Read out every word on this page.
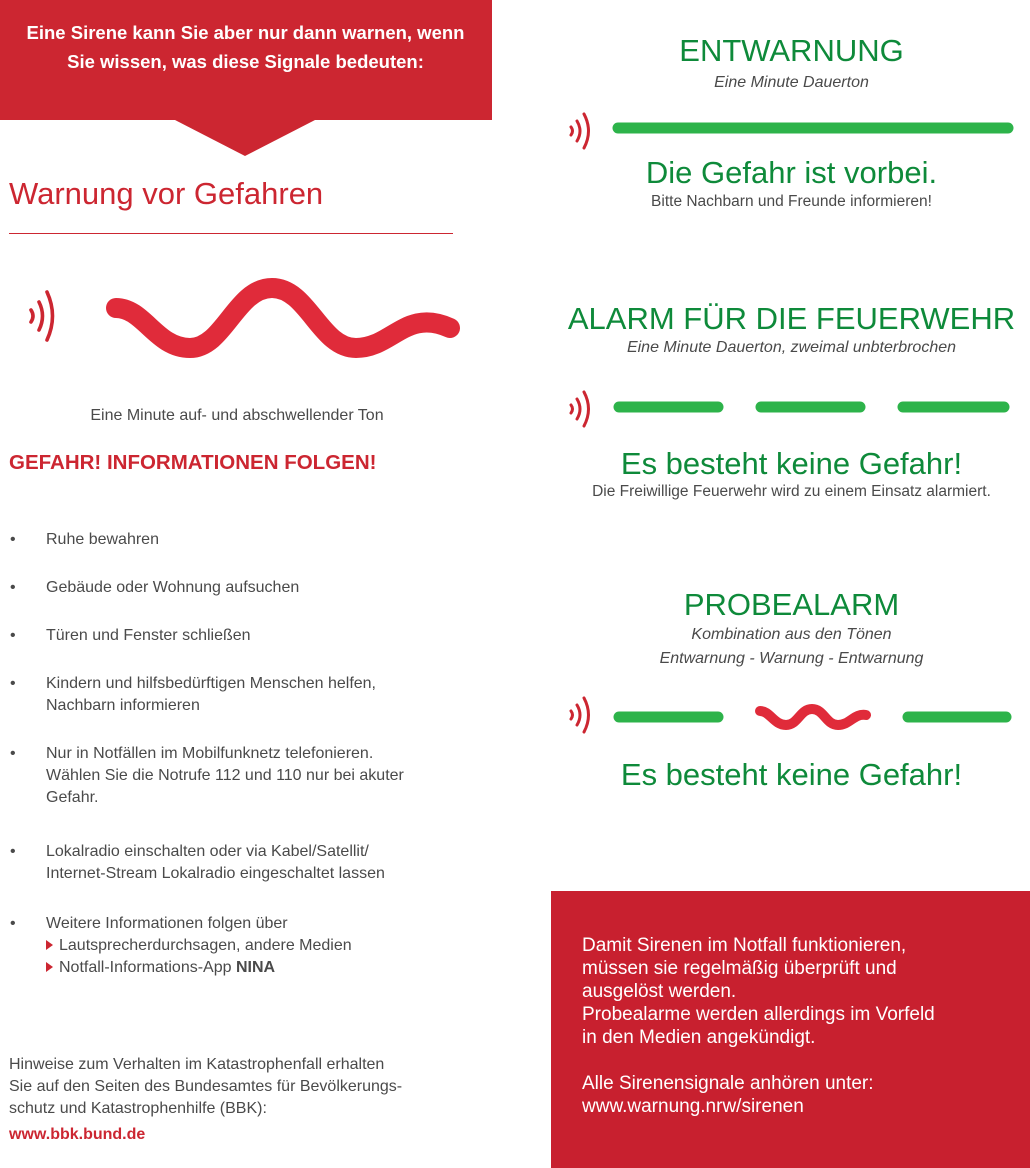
Eine Sirene kann Sie aber nur dann warnen, wenn Sie wissen, was diese Signale bedeuten:
Warnung vor Gefahren
Eine Minute auf- und abschwellender Ton
GEFAHR! INFORMATIONEN FOLGEN!
• Ruhe bewahren
• Gebäude oder Wohnung aufsuchen
• Türen und Fenster schließen
• Kindern und hilfsbedürftigen Menschen helfen,
Nachbarn informieren
• Nur in Notfällen im Mobilfunknetz telefonieren.
Wählen Sie die Notrufe 112 und 110 nur bei akuter
Gefahr.
• Lokalradio einschalten oder via Kabel/Satellit/
Internet-Stream Lokalradio eingeschaltet lassen
• Weitere Informationen folgen über
Lautsprecherdurchsagen, andere Medien
Notfall-Informations-App NINA
Hinweise zum Verhalten im Katastrophenfall erhalten
Sie auf den Seiten des Bundesamtes für Bevölkerungs-
schutz und Katastrophenhilfe (BBK):
www.bbk.bund.de
ENTWARNUNG
Eine Minute Dauerton
Die Gefahr ist vorbei.
Bitte Nachbarn und Freunde informieren!
ALARM FÜR DIE FEUERWEHR
Eine Minute Dauerton, zweimal unbterbrochen
Es besteht keine Gefahr!
Die Freiwillige Feuerwehr wird zu einem Einsatz alarmiert.
PROBEALARM
Kombination aus den Tönen
Entwarnung - Warnung - Entwarnung
Es besteht keine Gefahr!
Damit Sirenen im Notfall funktionieren,
müssen sie regelmäßig überprüft und
ausgelöst werden.
Probealarme werden allerdings im Vorfeld
in den Medien angekündigt.
Alle Sirenensignale anhören unter:
www.warnung.nrw/sirenen
